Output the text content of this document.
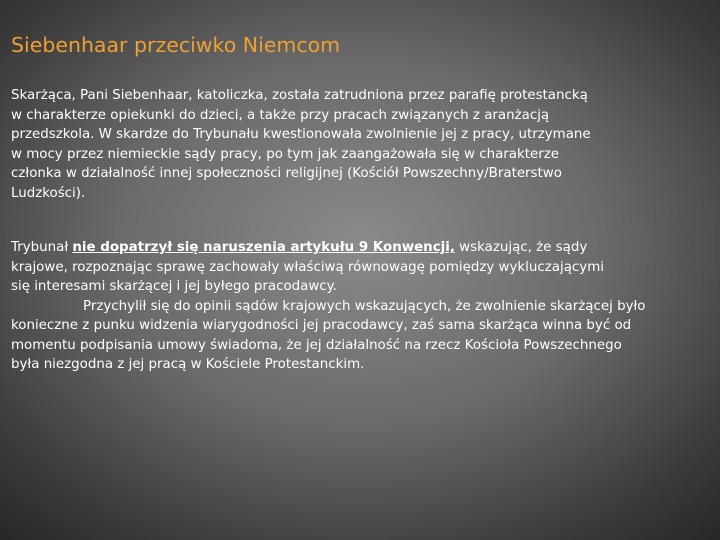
Siebenhaar przeciwko Niemcom

Skarżąca, Pani Siebenhaar, katoliczka, została zatrudniona przez parafię protestancką
w charakterze opiekunki do dzieci, a także przy pracach związanych z aranżacją
przedszkola. W skardze do Trybunału kwestionowała zwolnienie jej z pracy, utrzymane
w mocy przez niemieckie sądy pracy, po tym jak zaangażowała się w charakterze
członka w działalność innej społeczności religijnej (Kościół Powszechny/Braterstwo
Ludzkości).

Trybunał nie dopatrzył się naruszenia artykułu 9 Konwencji, wskazując, że sądy
krajowe, rozpoznając sprawę zachowały właściwą równowagę pomiędzy wykluczającymi
się interesami skarżącej i jej byłego pracodawcy.
Przychylił się do opinii sądów krajowych wskazujących, że zwolnienie skarżącej było
konieczne z punku widzenia wiarygodności jej pracodawcy, zaś sama skarżąca winna być od
momentu podpisania umowy świadoma, że jej działalność na rzecz Kościoła Powszechnego
była niezgodna z jej pracą w Kościele Protestanckim.
